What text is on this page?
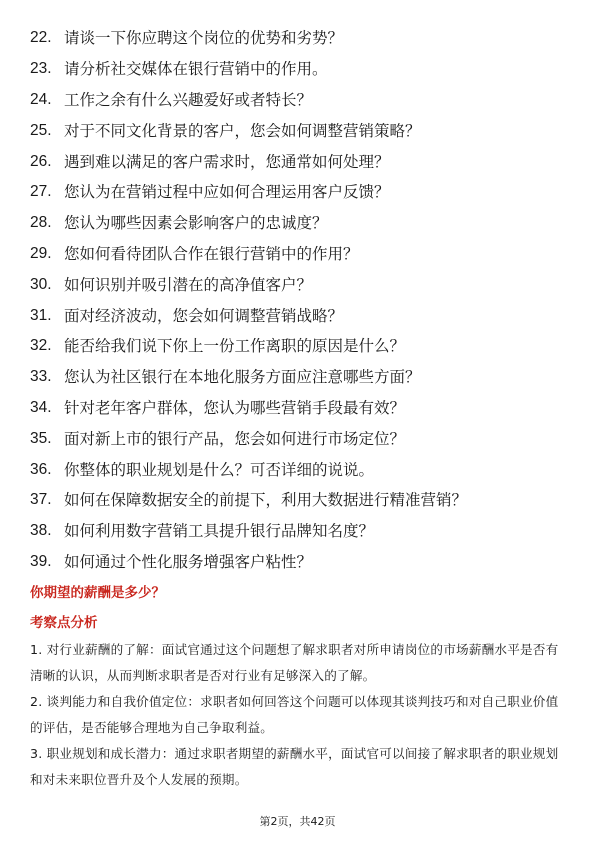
22. 请谈一下你应聘这个岗位的优势和劣势？
23. 请分析社交媒体在银行营销中的作用。
24. 工作之余有什么兴趣爱好或者特长？
25. 对于不同文化背景的客户，您会如何调整营销策略？
26. 遇到难以满足的客户需求时，您通常如何处理？
27. 您认为在营销过程中应如何合理运用客户反馈？
28. 您认为哪些因素会影响客户的忠诚度？
29. 您如何看待团队合作在银行营销中的作用？
30. 如何识别并吸引潜在的高净值客户？
31. 面对经济波动，您会如何调整营销战略？
32. 能否给我们说下你上一份工作离职的原因是什么？
33. 您认为社区银行在本地化服务方面应注意哪些方面？
34. 针对老年客户群体，您认为哪些营销手段最有效？
35. 面对新上市的银行产品，您会如何进行市场定位？
36. 你整体的职业规划是什么？可否详细的说说。
37. 如何在保障数据安全的前提下，利用大数据进行精准营销？
38. 如何利用数字营销工具提升银行品牌知名度？
39. 如何通过个性化服务增强客户粘性？
你期望的薪酬是多少？
考察点分析
1. 对行业薪酬的了解：面试官通过这个问题想了解求职者对所申请岗位的市场薪酬水平是否有清晰的认识，从而判断求职者是否对行业有足够深入的了解。
2. 谈判能力和自我价值定位：求职者如何回答这个问题可以体现其谈判技巧和对自己职业价值的评估，是否能够合理地为自己争取利益。
3. 职业规划和成长潜力：通过求职者期望的薪酬水平，面试官可以间接了解求职者的职业规划和对未来职位晋升及个人发展的预期。
第2页，共42页
